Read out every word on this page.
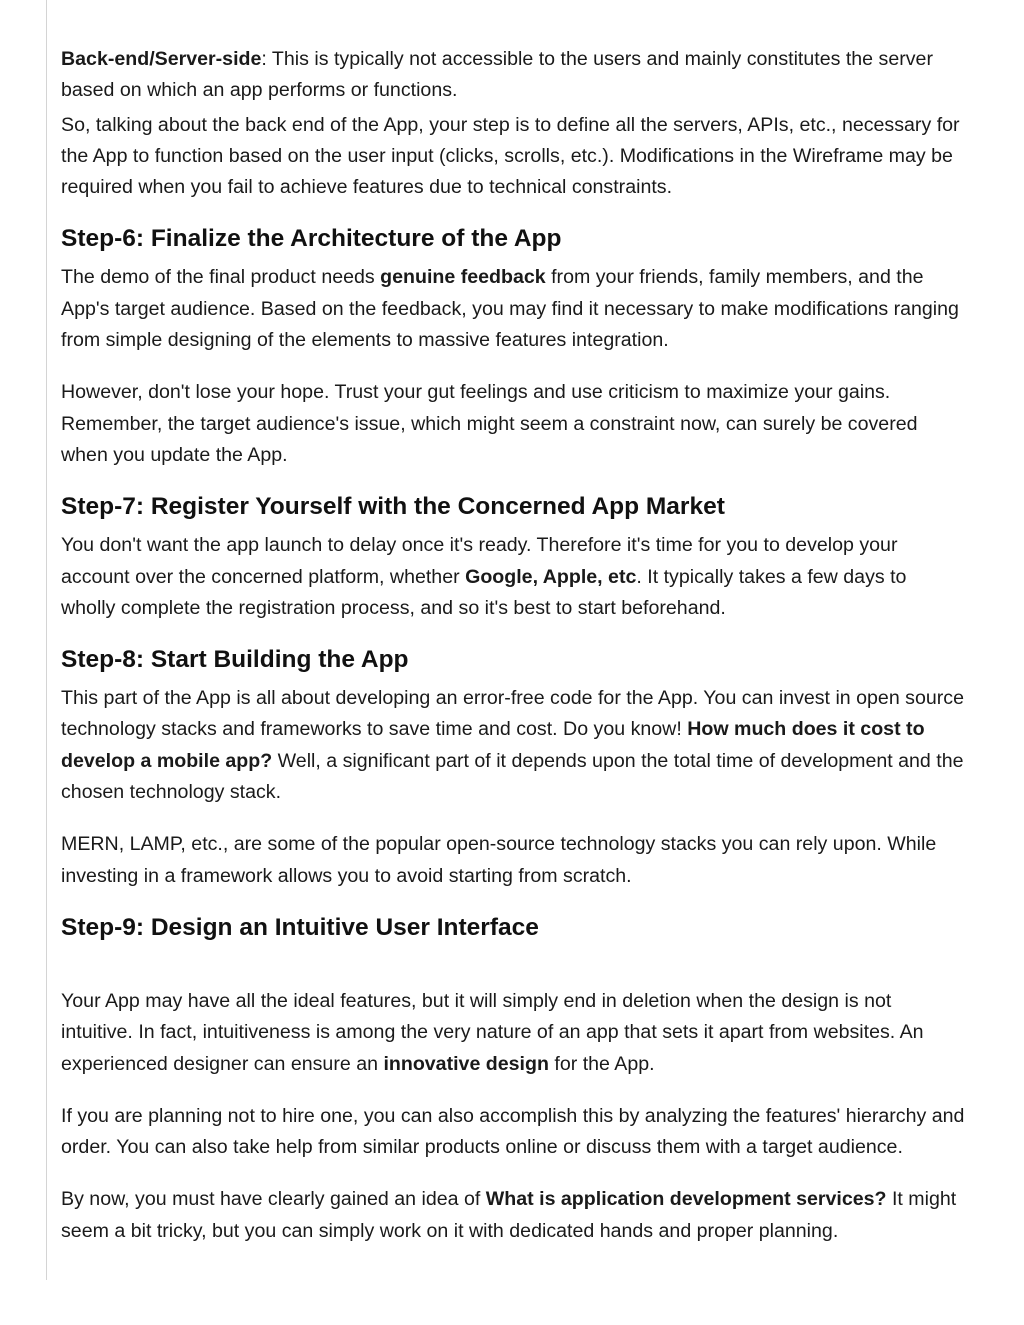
Back-end/Server-side: This is typically not accessible to the users and mainly constitutes the server based on which an app performs or functions.

So, talking about the back end of the App, your step is to define all the servers, APIs, etc., necessary for the App to function based on the user input (clicks, scrolls, etc.). Modifications in the Wireframe may be required when you fail to achieve features due to technical constraints.

Step-6: Finalize the Architecture of the App

The demo of the final product needs genuine feedback from your friends, family members, and the App's target audience. Based on the feedback, you may find it necessary to make modifications ranging from simple designing of the elements to massive features integration.

However, don't lose your hope. Trust your gut feelings and use criticism to maximize your gains. Remember, the target audience's issue, which might seem a constraint now, can surely be covered when you update the App.

Step-7: Register Yourself with the Concerned App Market

You don't want the app launch to delay once it's ready. Therefore it's time for you to develop your account over the concerned platform, whether Google, Apple, etc. It typically takes a few days to wholly complete the registration process, and so it's best to start beforehand.

Step-8: Start Building the App

This part of the App is all about developing an error-free code for the App. You can invest in open source technology stacks and frameworks to save time and cost. Do you know! How much does it cost to develop a mobile app? Well, a significant part of it depends upon the total time of development and the chosen technology stack.

MERN, LAMP, etc., are some of the popular open-source technology stacks you can rely upon. While investing in a framework allows you to avoid starting from scratch.

Step-9: Design an Intuitive User Interface

Your App may have all the ideal features, but it will simply end in deletion when the design is not intuitive. In fact, intuitiveness is among the very nature of an app that sets it apart from websites. An experienced designer can ensure an innovative design for the App.

If you are planning not to hire one, you can also accomplish this by analyzing the features' hierarchy and order. You can also take help from similar products online or discuss them with a target audience.

By now, you must have clearly gained an idea of What is application development services? It might seem a bit tricky, but you can simply work on it with dedicated hands and proper planning.
